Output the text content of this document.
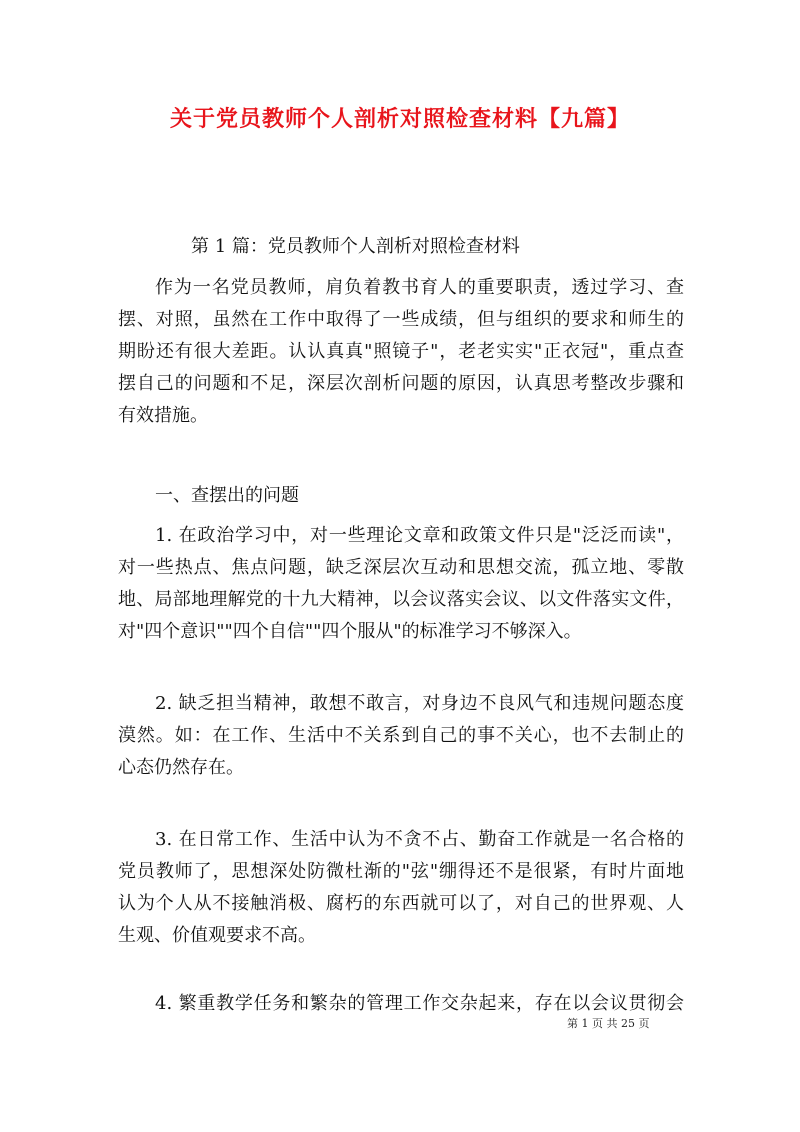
关于党员教师个人剖析对照检查材料【九篇】

第 1 篇：党员教师个人剖析对照检查材料

作为一名党员教师，肩负着教书育人的重要职责，透过学习、查
摆、对照，虽然在工作中取得了一些成绩，但与组织的要求和师生的
期盼还有很大差距。认认真真"照镜子"，老老实实"正衣冠"，重点查
摆自己的问题和不足，深层次剖析问题的原因，认真思考整改步骤和
有效措施。
一、查摆出的问题
1. 在政治学习中，对一些理论文章和政策文件只是"泛泛而读"，
对一些热点、焦点问题，缺乏深层次互动和思想交流，孤立地、零散
地、局部地理解党的十九大精神，以会议落实会议、以文件落实文件，
对"四个意识""四个自信""四个服从"的标准学习不够深入。
2. 缺乏担当精神，敢想不敢言，对身边不良风气和违规问题态度
漠然。如：在工作、生活中不关系到自己的事不关心，也不去制止的
心态仍然存在。
3. 在日常工作、生活中认为不贪不占、勤奋工作就是一名合格的
党员教师了，思想深处防微杜渐的"弦"绷得还不是很紧，有时片面地
认为个人从不接触消极、腐朽的东西就可以了，对自己的世界观、人
生观、价值观要求不高。
4. 繁重教学任务和繁杂的管理工作交杂起来，存在以会议贯彻会

第 1 页 共 25 页
